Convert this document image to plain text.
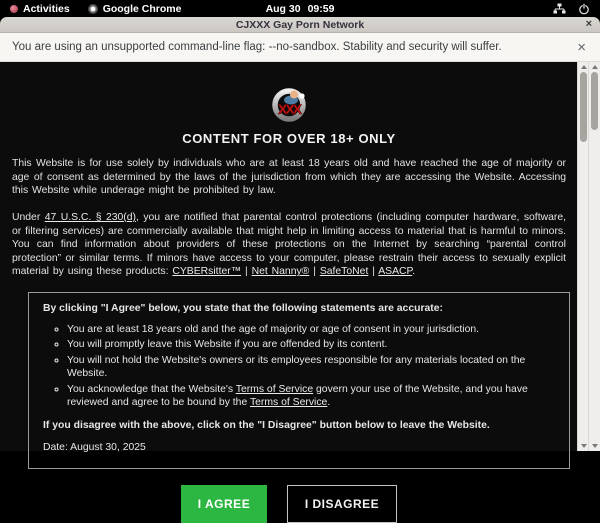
Activities	Google Chrome	Aug 30 09:59
CJXXX Gay Porn Network	×
You are using an unsupported command-line flag: --no-sandbox. Stability and security will suffer.	×
XXX
CONTENT FOR OVER 18+ ONLY

This Website is for use solely by individuals who are at least 18 years old and have reached the age of majority or age of consent as determined by the laws of the jurisdiction from which they are accessing the Website. Accessing this Website while underage might be prohibited by law.

Under 47 U.S.C. § 230(d), you are notified that parental control protections (including computer hardware, software, or filtering services) are commercially available that might help in limiting access to material that is harmful to minors. You can find information about providers of these protections on the Internet by searching “parental control protection” or similar terms. If minors have access to your computer, please restrain their access to sexually explicit material by using these products: CYBERsitter™ | Net Nanny® | SafeToNet | ASACP.

By clicking "I Agree" below, you state that the following statements are accurate:

◦ You are at least 18 years old and the age of majority or age of consent in your jurisdiction.
◦ You will promptly leave this Website if you are offended by its content.
◦ You will not hold the Website's owners or its employees responsible for any materials located on the Website.
◦ You acknowledge that the Website's Terms of Service govern your use of the Website, and you have reviewed and agree to be bound by the Terms of Service.

If you disagree with the above, click on the "I Disagree" button below to leave the Website.

Date: August 30, 2025

I AGREE	I DISAGREE
